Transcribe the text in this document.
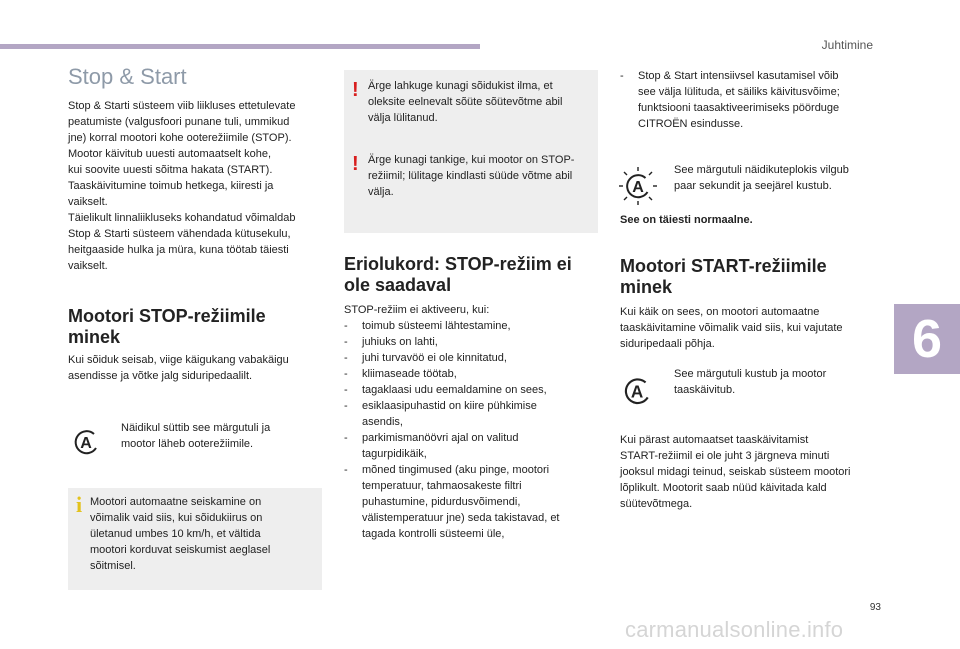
Juhtimine
6
Stop & Start

Stop & Starti süsteem viib liikluses ettetulevate

peatumiste (valgusfoori punane tuli, ummikud

jne) korral mootori kohe ooterežiimile (STOP).

Mootor käivitub uuesti automaatselt kohe,

kui soovite uuesti sõitma hakata (START).

Taaskäivitumine toimub hetkega, kiiresti ja

vaikselt.

Täielikult linnaliikluseks kohandatud võimaldab

Stop & Starti süsteem vähendada kütusekulu,

heitgaaside hulka ja müra, kuna töötab täiesti

vaikselt.

Mootori STOP-režiimile
minek

Kui sõiduk seisab, viige käigukang vabakäigu

asendisse ja võtke jalg siduripedaalilt.

A

Näidikul süttib see märgutuli ja

mootor läheb ooterežiimile.

i Mootori automaatne seiskamine on

võimalik vaid siis, kui sõidukiirus on

ületanud umbes 10 km/h, et vältida

mootori korduvat seiskumist aeglasel

sõitmisel.

! Ärge lahkuge kunagi sõidukist ilma, et

oleksite eelnevalt sõüte sõütevõtme abil

välja lülitanud.

! Ärge kunagi tankige, kui mootor on STOP-

režiimil; lülitage kindlasti süüde võtme abil

välja.

Eriolukord: STOP-režiim ei
ole saadaval

STOP-režiim ei aktiveeru, kui:

- toimub süsteemi lähtestamine,
- juhiuks on lahti,
- juhi turvavöö ei ole kinnitatud,
- kliimaseade töötab,
- tagaklaasi udu eemaldamine on sees,
- esiklaasipuhastid on kiire pühkimise
asendis,
- parkimismanöövri ajal on valitud
tagurpidikäik,
- mõned tingimused (aku pinge, mootori
temperatuur, tahmaosakeste filtri
puhastumine, pidurdusvõimendi,
välistemperatuur jne) seda takistavad, et
tagada kontrolli süsteemi üle,
- Stop & Start intensiivsel kasutamisel võib
see välja lülituda, et säiliks käivitusvõime;
funktsiooni taasaktiveerimiseks pöörduge
CITROËN esindusse.
A

See märgutuli näidikuteplokis vilgub

paar sekundit ja seejärel kustub.

See on täiesti normaalne.
Mootori START-režiimile
minek

Kui käik on sees, on mootori automaatne

taaskäivitamine võimalik vaid siis, kui vajutate

siduripedaali põhja.

A

See märgutuli kustub ja mootor

taaskäivitub.

Kui pärast automaatset taaskäivitamist

START-režiimil ei ole juht 3 järgneva minuti

jooksul midagi teinud, seiskab süsteem mootori

lõplikult. Mootorit saab nüüd käivitada kald

süütevõtmega.

93
carmanualsonline.info
